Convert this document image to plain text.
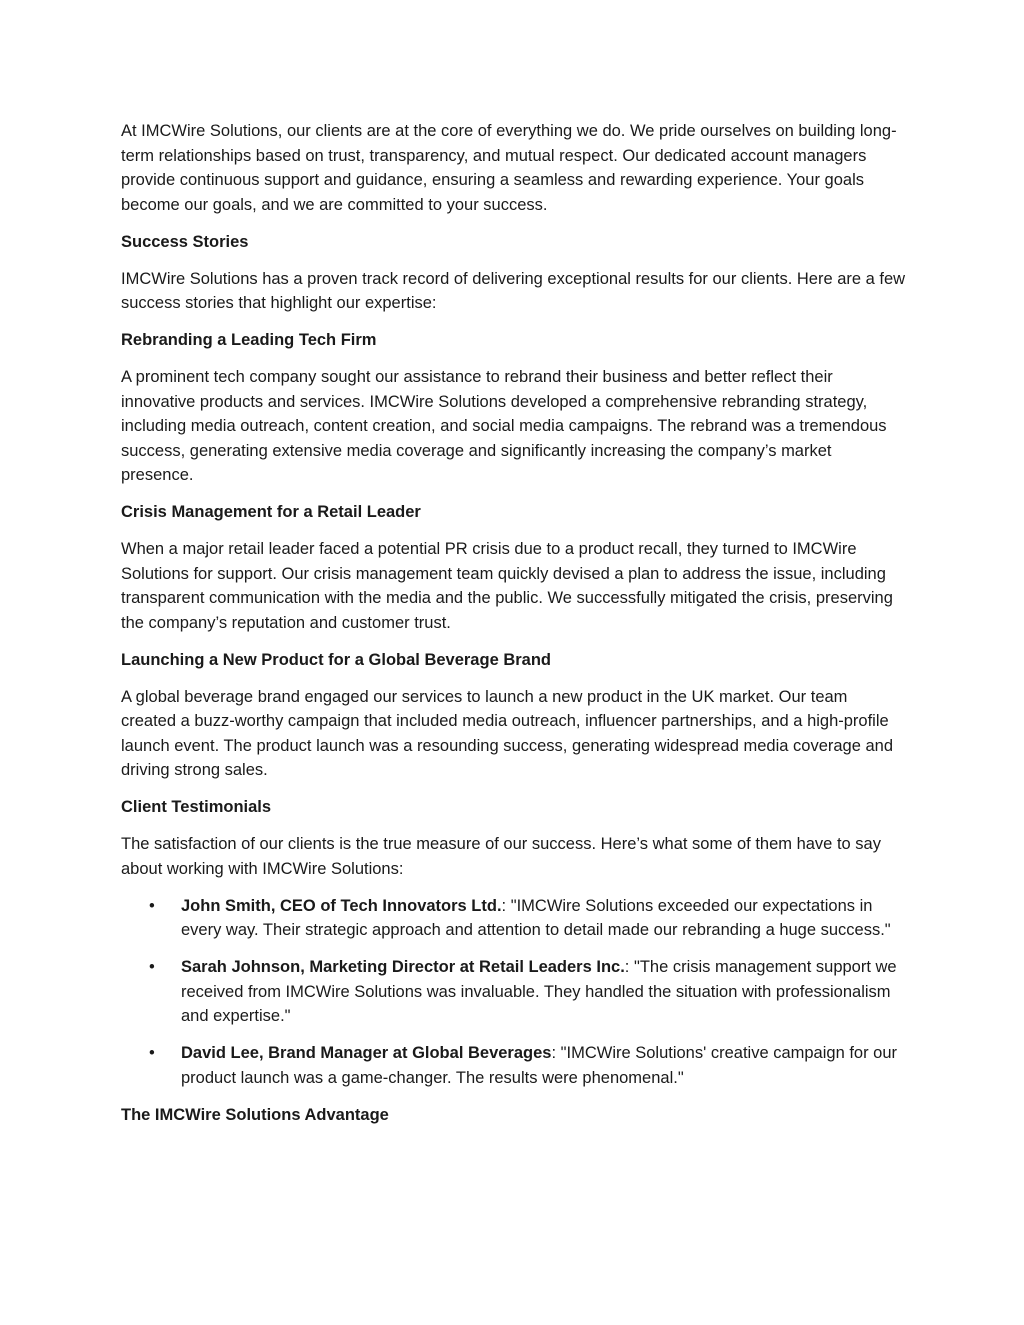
At IMCWire Solutions, our clients are at the core of everything we do. We pride ourselves on building long-term relationships based on trust, transparency, and mutual respect. Our dedicated account managers provide continuous support and guidance, ensuring a seamless and rewarding experience. Your goals become our goals, and we are committed to your success.

Success Stories

IMCWire Solutions has a proven track record of delivering exceptional results for our clients. Here are a few success stories that highlight our expertise:

Rebranding a Leading Tech Firm

A prominent tech company sought our assistance to rebrand their business and better reflect their innovative products and services. IMCWire Solutions developed a comprehensive rebranding strategy, including media outreach, content creation, and social media campaigns. The rebrand was a tremendous success, generating extensive media coverage and significantly increasing the company’s market presence.

Crisis Management for a Retail Leader

When a major retail leader faced a potential PR crisis due to a product recall, they turned to IMCWire Solutions for support. Our crisis management team quickly devised a plan to address the issue, including transparent communication with the media and the public. We successfully mitigated the crisis, preserving the company’s reputation and customer trust.

Launching a New Product for a Global Beverage Brand

A global beverage brand engaged our services to launch a new product in the UK market. Our team created a buzz-worthy campaign that included media outreach, influencer partnerships, and a high-profile launch event. The product launch was a resounding success, generating widespread media coverage and driving strong sales.

Client Testimonials

The satisfaction of our clients is the true measure of our success. Here’s what some of them have to say about working with IMCWire Solutions:

• John Smith, CEO of Tech Innovators Ltd.: "IMCWire Solutions exceeded our expectations in every way. Their strategic approach and attention to detail made our rebranding a huge success."
• Sarah Johnson, Marketing Director at Retail Leaders Inc.: "The crisis management support we received from IMCWire Solutions was invaluable. They handled the situation with professionalism and expertise."
• David Lee, Brand Manager at Global Beverages: "IMCWire Solutions' creative campaign for our product launch was a game-changer. The results were phenomenal."
The IMCWire Solutions Advantage
